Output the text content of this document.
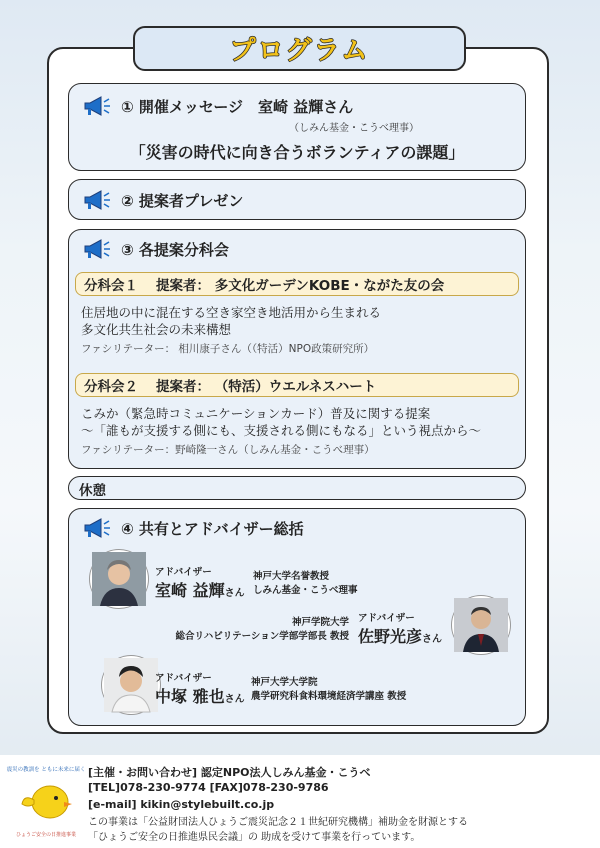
プログラム
① 開催メッセージ　室崎 益輝さん
（しみん基金・こうべ理事）
「災害の時代に向き合うボランティアの課題」
② 提案者プレゼン
③ 各提案分科会
分科会１ 提案者： 多文化ガーデンKOBE・ながた友の会
住居地の中に混在する空き家空き地活用から生まれる
多文化共生社会の未来構想
ファシリテーター： 相川康子さん（（特活）NPO政策研究所）
分科会２ 提案者： （特活）ウエルネスハート
こみか（緊急時コミュニケーションカード）普及に関する提案
～「誰もが支援する側にも、支援される側にもなる」という視点から～
ファシリテーター：野崎隆一さん（しみん基金・こうべ理事）
休憩
④ 共有とアドバイザー総括
アドバイザー
室崎 益輝さん
神戸大学名誉教授
しみん基金・こうべ理事
神戸学院大学
総合リハビリテーション学部学部長 教授
アドバイザー
佐野光彦さん
アドバイザー
中塚 雅也さん
神戸大学大学院
農学研究科食料環境経済学講座 教授
震災の教訓を ともに未来に届く
ひょうご安全の日推進事業
[主催・お問い合わせ] 認定NPO法人しみん基金・こうべ
[TEL]078-230-9774 [FAX]078-230-9786
[e-mail] kikin@stylebuilt.co.jp
この事業は「公益財団法人ひょうご震災記念２１世紀研究機構」補助金を財源とする
「ひょうご安全の日推進県民会議」の 助成を受けて事業を行っています。
